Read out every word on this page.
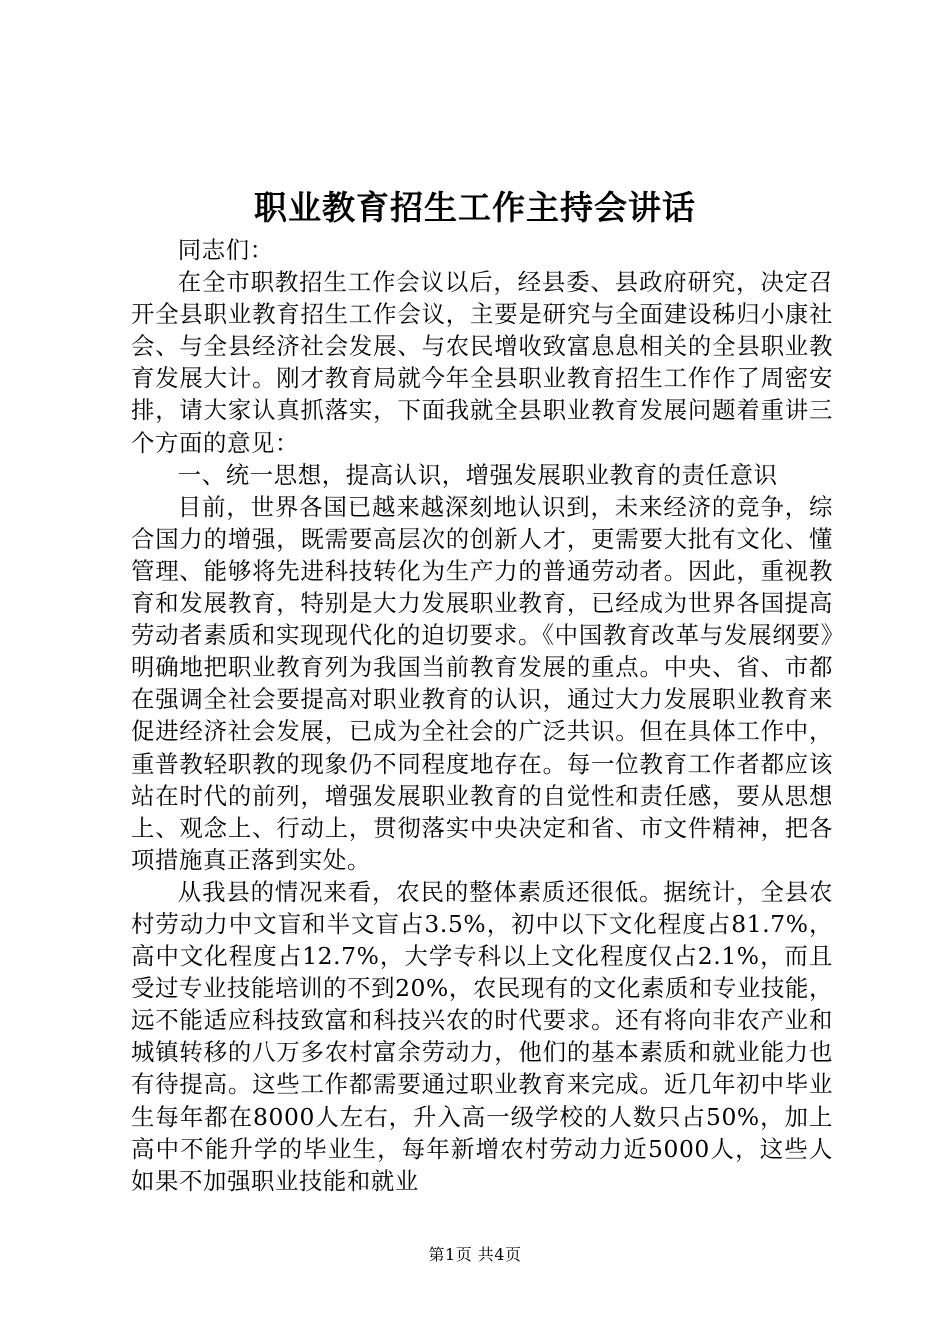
职业教育招生工作主持会讲话

同志们：

在全市职教招生工作会议以后，经县委、县政府研究，决定召开全县职业教育招生工作会议，主要是研究与全面建设秭归小康社会、与全县经济社会发展、与农民增收致富息息相关的全县职业教育发展大计。刚才教育局就今年全县职业教育招生工作作了周密安排，请大家认真抓落实，下面我就全县职业教育发展问题着重讲三个方面的意见：

一、统一思想，提高认识，增强发展职业教育的责任意识

目前，世界各国已越来越深刻地认识到，未来经济的竞争，综合国力的增强，既需要高层次的创新人才，更需要大批有文化、懂管理、能够将先进科技转化为生产力的普通劳动者。因此，重视教育和发展教育，特别是大力发展职业教育，已经成为世界各国提高劳动者素质和实现现代化的迫切要求。《中国教育改革与发展纲要》明确地把职业教育列为我国当前教育发展的重点。中央、省、市都在强调全社会要提高对职业教育的认识，通过大力发展职业教育来促进经济社会发展，已成为全社会的广泛共识。但在具体工作中，重普教轻职教的现象仍不同程度地存在。每一位教育工作者都应该站在时代的前列，增强发展职业教育的自觉性和责任感，要从思想上、观念上、行动上，贯彻落实中央决定和省、市文件精神，把各项措施真正落到实处。

从我县的情况来看，农民的整体素质还很低。据统计，全县农村劳动力中文盲和半文盲占3.5%，初中以下文化程度占81.7%，高中文化程度占12.7%，大学专科以上文化程度仅占2.1%，而且受过专业技能培训的不到20%，农民现有的文化素质和专业技能，远不能适应科技致富和科技兴农的时代要求。还有将向非农产业和城镇转移的八万多农村富余劳动力，他们的基本素质和就业能力也有待提高。这些工作都需要通过职业教育来完成。近几年初中毕业生每年都在8000人左右，升入高一级学校的人数只占50%，加上高中不能升学的毕业生，每年新增农村劳动力近5000人，这些人如果不加强职业技能和就业

第1页 共4页
